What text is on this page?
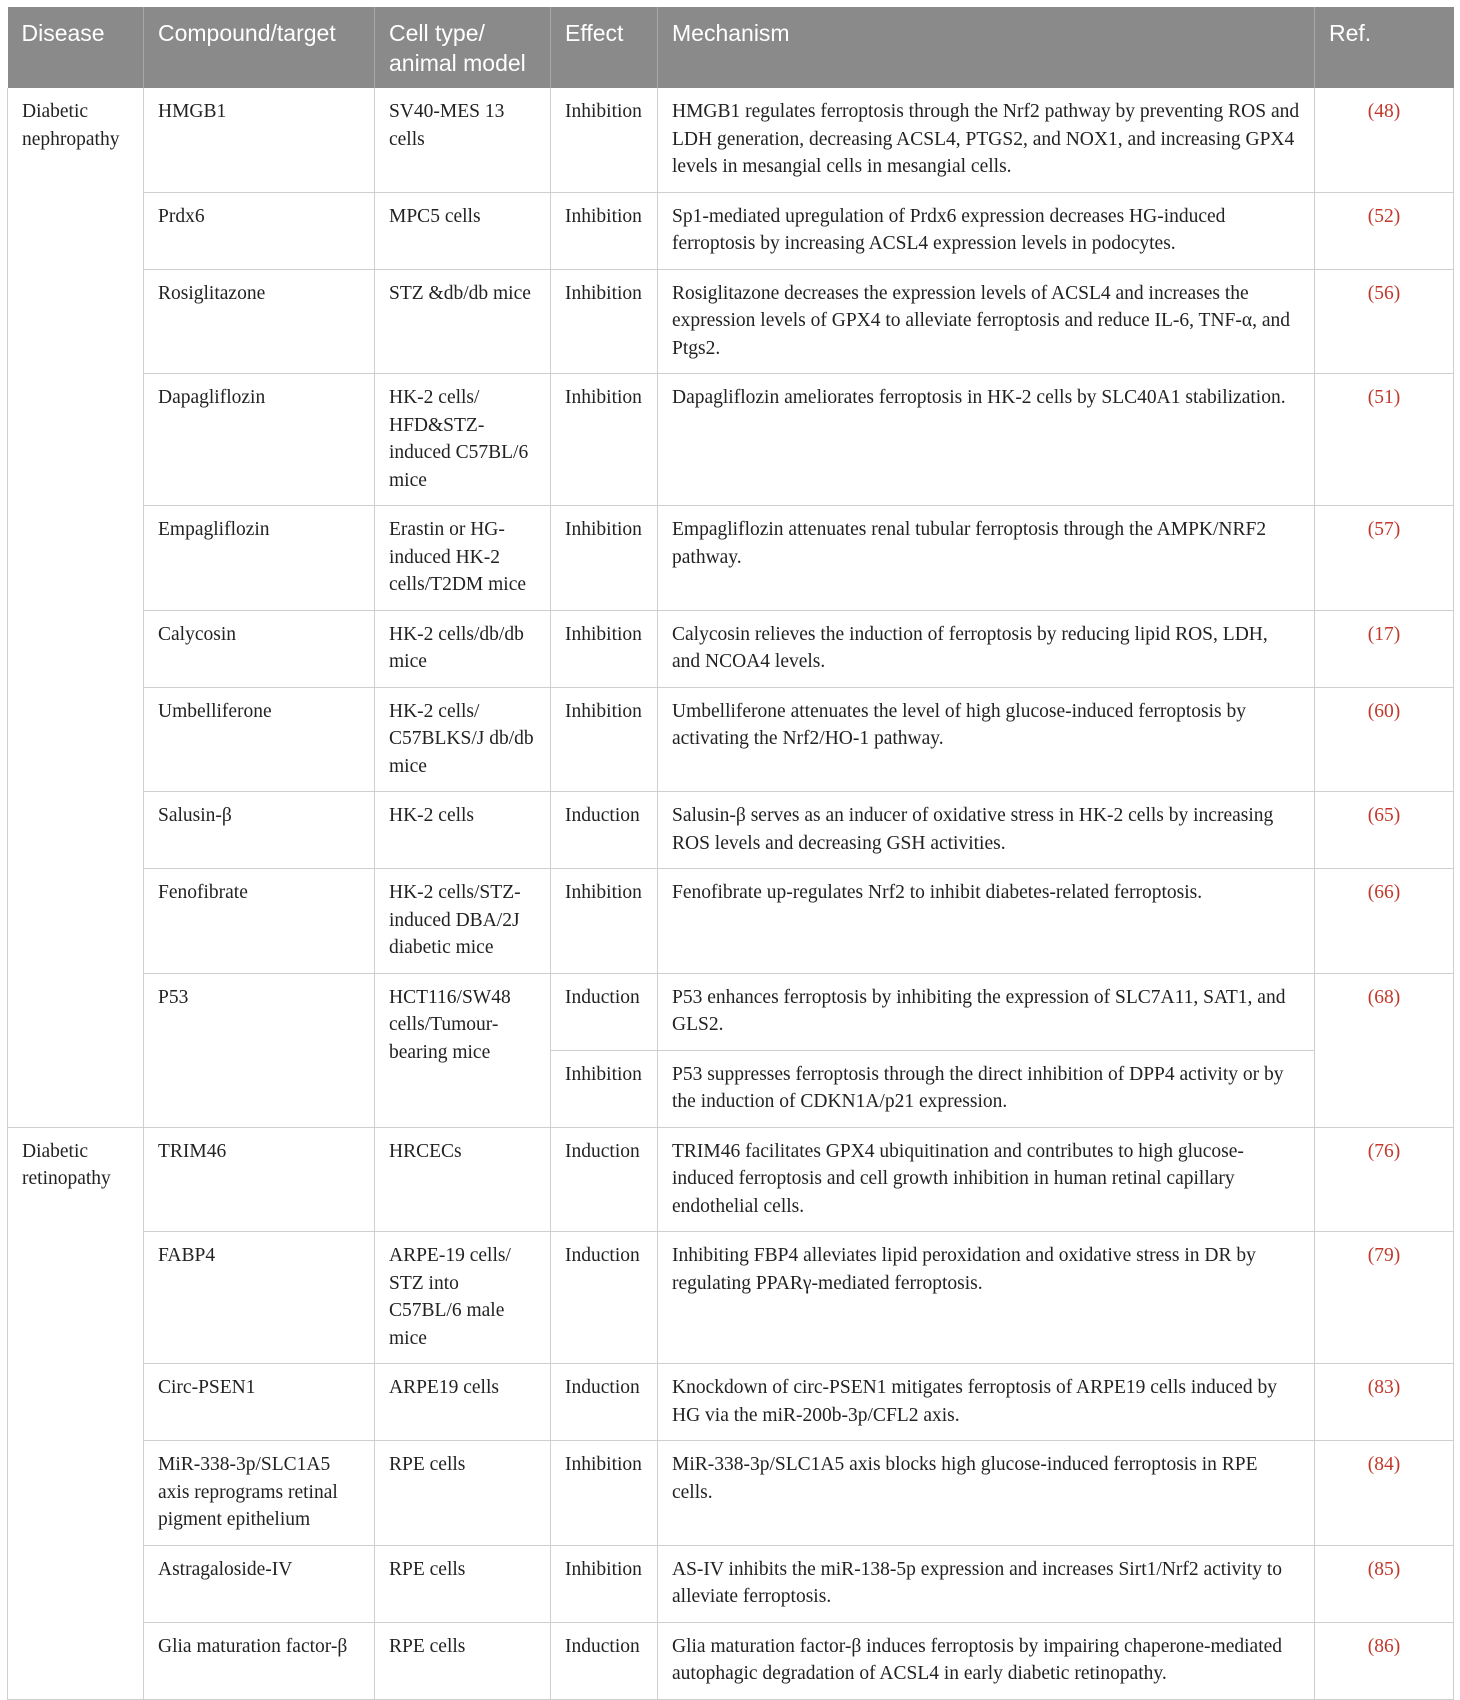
Disease	Compound/target	Cell type/ animal model	Effect	Mechanism	Ref.
Diabetic nephropathy	HMGB1	SV40-MES 13 cells	Inhibition	HMGB1 regulates ferroptosis through the Nrf2 pathway by preventing ROS and LDH generation, decreasing ACSL4, PTGS2, and NOX1, and increasing GPX4 levels in mesangial cells in mesangial cells.	(48)
	Prdx6	MPC5 cells	Inhibition	Sp1-mediated upregulation of Prdx6 expression decreases HG-induced ferroptosis by increasing ACSL4 expression levels in podocytes.	(52)
	Rosiglitazone	STZ &db/db mice	Inhibition	Rosiglitazone decreases the expression levels of ACSL4 and increases the expression levels of GPX4 to alleviate ferroptosis and reduce IL-6, TNF-α, and Ptgs2.	(56)
	Dapagliflozin	HK-2 cells/ HFD&STZ-induced C57BL/6 mice	Inhibition	Dapagliflozin ameliorates ferroptosis in HK-2 cells by SLC40A1 stabilization.	(51)
	Empagliflozin	Erastin or HG-induced HK-2 cells/T2DM mice	Inhibition	Empagliflozin attenuates renal tubular ferroptosis through the AMPK/NRF2 pathway.	(57)
	Calycosin	HK-2 cells/db/db mice	Inhibition	Calycosin relieves the induction of ferroptosis by reducing lipid ROS, LDH, and NCOA4 levels.	(17)
	Umbelliferone	HK-2 cells/ C57BLKS/J db/db mice	Inhibition	Umbelliferone attenuates the level of high glucose-induced ferroptosis by activating the Nrf2/HO-1 pathway.	(60)
	Salusin-β	HK-2 cells	Induction	Salusin-β serves as an inducer of oxidative stress in HK-2 cells by increasing ROS levels and decreasing GSH activities.	(65)
	Fenofibrate	HK-2 cells/STZ-induced DBA/2J diabetic mice	Inhibition	Fenofibrate up-regulates Nrf2 to inhibit diabetes-related ferroptosis.	(66)
	P53	HCT116/SW48 cells/Tumour-bearing mice	Induction	P53 enhances ferroptosis by inhibiting the expression of SLC7A11, SAT1, and GLS2.	(68)
			Inhibition	P53 suppresses ferroptosis through the direct inhibition of DPP4 activity or by the induction of CDKN1A/p21 expression.	
Diabetic retinopathy	TRIM46	HRCECs	Induction	TRIM46 facilitates GPX4 ubiquitination and contributes to high glucose-induced ferroptosis and cell growth inhibition in human retinal capillary endothelial cells.	(76)
	FABP4	ARPE-19 cells/ STZ into C57BL/6 male mice	Induction	Inhibiting FBP4 alleviates lipid peroxidation and oxidative stress in DR by regulating PPARγ-mediated ferroptosis.	(79)
	Circ-PSEN1	ARPE19 cells	Induction	Knockdown of circ-PSEN1 mitigates ferroptosis of ARPE19 cells induced by HG via the miR-200b-3p/CFL2 axis.	(83)
	MiR-338-3p/SLC1A5 axis reprograms retinal pigment epithelium	RPE cells	Inhibition	MiR-338-3p/SLC1A5 axis blocks high glucose-induced ferroptosis in RPE cells.	(84)
	Astragaloside-IV	RPE cells	Inhibition	AS-IV inhibits the miR-138-5p expression and increases Sirt1/Nrf2 activity to alleviate ferroptosis.	(85)
	Glia maturation factor-β	RPE cells	Induction	Glia maturation factor-β induces ferroptosis by impairing chaperone-mediated autophagic degradation of ACSL4 in early diabetic retinopathy.	(86)
